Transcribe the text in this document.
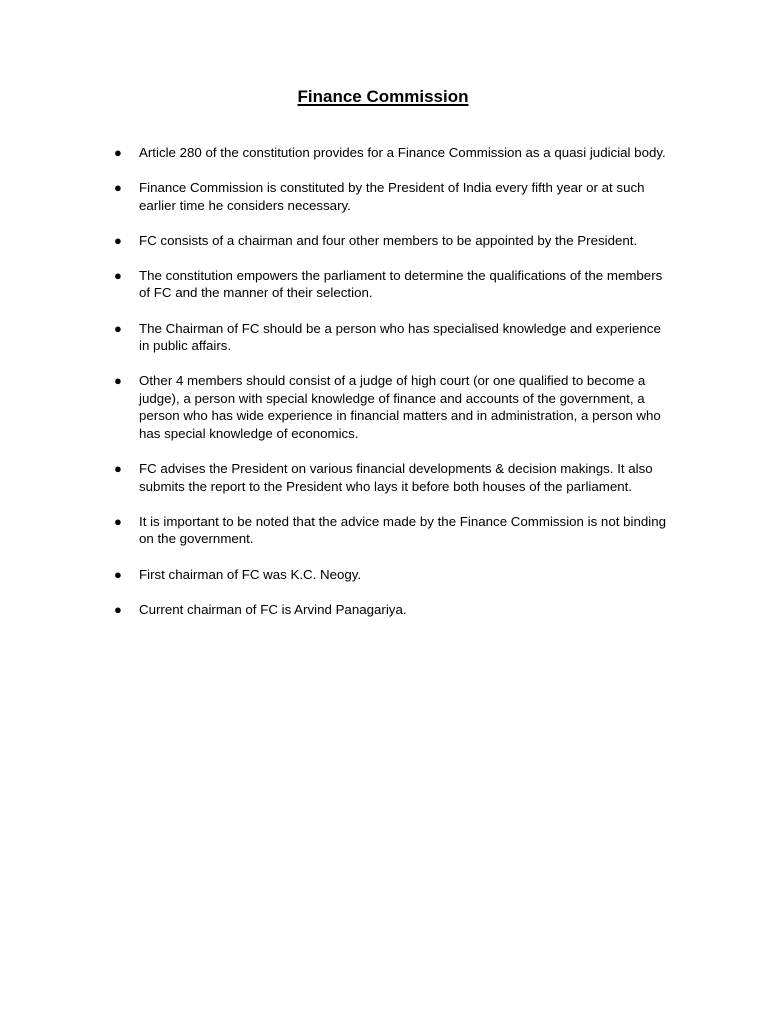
Finance Commission
● Article 280 of the constitution provides for a Finance Commission as a quasi judicial body.
● Finance Commission is constituted by the President of India every fifth year or at such earlier time he considers necessary.
● FC consists of a chairman and four other members to be appointed by the President.
● The constitution empowers the parliament to determine the qualifications of the members of FC and the manner of their selection.
● The Chairman of FC should be a person who has specialised knowledge and experience in public affairs.
● Other 4 members should consist of a judge of high court (or one qualified to become a judge), a person with special knowledge of finance and accounts of the government, a person who has wide experience in financial matters and in administration, a person who has special knowledge of economics.
● FC advises the President on various financial developments & decision makings. It also submits the report to the President who lays it before both houses of the parliament.
● It is important to be noted that the advice made by the Finance Commission is not binding on the government.
● First chairman of FC was K.C. Neogy.
● Current chairman of FC is Arvind Panagariya.
